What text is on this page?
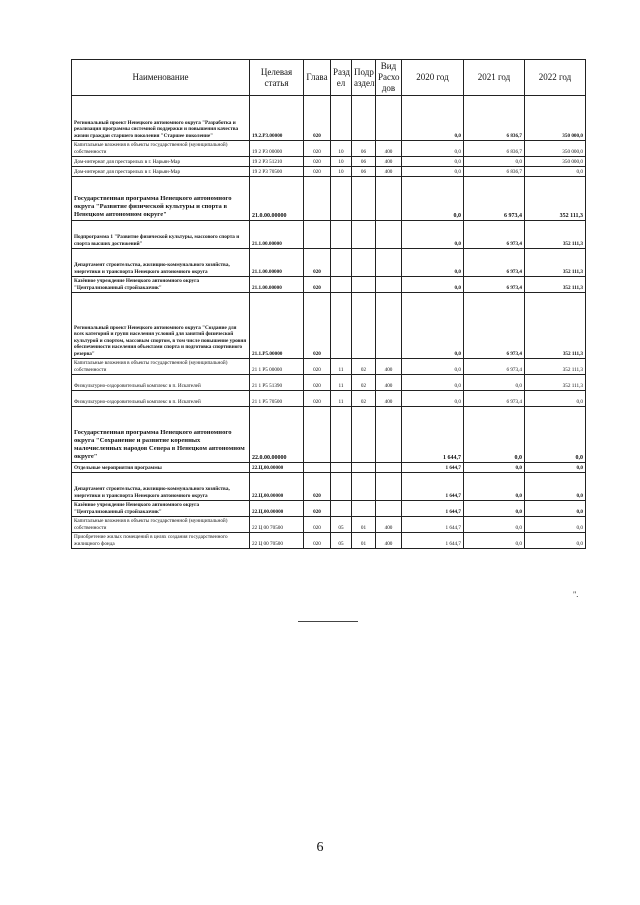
Наименование	Целевая статья	Глава	Разд ел	Подр аздел	Вид Расхо дов	2020 год	2021 год	2022 год
Региональный проект Ненецкого автономного округа "Разработка и реализация программы системной поддержки и повышения качества жизни граждан старшего поколения "Старшее поколение"	19.2.P3.00000	020				0,0	6 836,7	350 000,0
Капитальные вложения в объекты государственной (муниципальной) собственности	19 2 P3 00000	020	10	06	400	0,0	6 836,7	350 000,0
Дом-интернат для престарелых в г. Нарьян-Мар	19 2 P3 51210	020	10	06	400	0,0	0,0	350 000,0
Дом-интернат для престарелых в г. Нарьян-Мар	19 2 P3 70500	020	10	06	400	0,0	6 836,7	0,0
Государственная программа Ненецкого автономного округа "Развитие физической культуры и спорта в Ненецком автономном округе"	21.0.00.00000					0,0	6 973,4	352 111,3
Подпрограмма 1 "Развитие физической культуры, массового спорта и спорта высших достижений"	21.1.00.00000					0,0	6 973,4	352 111,3
Департамент строительства, жилищно-коммунального хозяйства, энергетики и транспорта Ненецкого автономного округа	21.1.00.00000	020				0,0	6 973,4	352 111,3
Казённое учреждение Ненецкого автономного округа "Централизованный стройзаказчик"	21.1.00.00000	020				0,0	6 973,4	352 111,3
Региональный проект Ненецкого автономного округа "Создание для всех категорий и групп населения условий для занятий физической культурой и спортом, массовым спортом, в том числе повышение уровня обеспеченности населения объектами спорта и подготовка спортивного резерва"	21.1.P5.00000	020				0,0	6 973,4	352 111,3
Капитальные вложения в объекты государственной (муниципальной) собственности	21 1 P5 00000	020	11	02	400	0,0	6 973,4	352 111,3
Физкультурно-оздоровительный комплекс в п. Искателей	21 1 P5 51390	020	11	02	400	0,0	0,0	352 111,3
Физкультурно-оздоровительный комплекс в п. Искателей	21 1 P5 70500	020	11	02	400	0,0	6 973,4	0,0
Государственная программа Ненецкого автономного округа "Сохранение и развитие коренных малочисленных народов Севера в Ненецком автономном округе"	22.0.00.00000					1 644,7	0,0	0,0
Отдельные мероприятия программы	22.Ц.00.00000					1 644,7	0,0	0,0
Департамент строительства, жилищно-коммунального хозяйства, энергетики и транспорта Ненецкого автономного округа	22.Ц.00.00000	020				1 644,7	0,0	0,0
Казённое учреждение Ненецкого автономного округа "Централизованный стройзаказчик"	22.Ц.00.00000	020				1 644,7	0,0	0,0
Капитальные вложения в объекты государственной (муниципальной) собственности	22 Ц 00 70500	020	05	01	400	1 644,7	0,0	0,0
Приобретение жилых помещений в целях создания государственного жилищного фонда	22 Ц 00 70500	020	05	01	400	1 644,7	0,0	0,0
".
6
